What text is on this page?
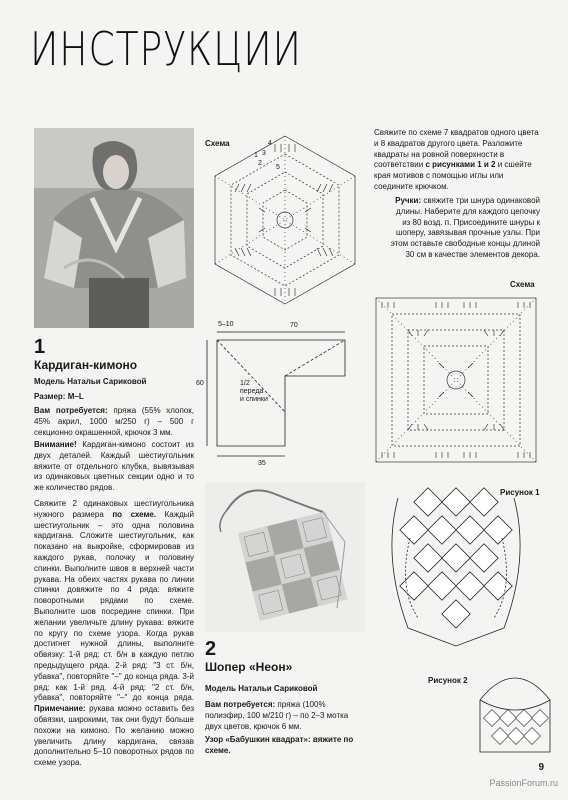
ИНСТРУКЦИИ
1
Кардиган-кимоно
Модель Натальи Сариковой
Размер: M–L
Вам потребуется: пряжа (55% хлопок, 45% акрил, 1000 м/250 г) – 500 г секционно окрашенной, крючок 3 мм.
Внимание! Кардиган-кимоно состоит из двух деталей. Каждый шестиугольник вяжите от отдельного клубка, вывязывая из одинаковых цветных секции одно и то же количество рядов.
Свяжите 2 одинаковых шестиугольника нужного размера по схеме. Каждый шестиугольник – это одна половина кардигана. Сложите шестиугольник, как показано на выкройке, сформировав из каждого рукав, полочку и половину спинки. Выполните швов в верхней части рукава. На обеих частях рукава по линии спинки довяжите по 4 ряда: вяжите поворотными рядами по схеме. Выполните шов посредине спинки. При желании увеличьте длину рукава: вяжите по кругу по схеме узора. Когда рукав достигнет нужной длины, выполните обвязку: 1-й ряд: ст. б/н в каждую петлю предыдущего ряда. 2-й ряд: "3 ст. б/н, убавка", повторяйте "–" до конца ряда. 3-й ряд: как 1-й ряд. 4-й ряд: "2 ст. б/н, убавка", повторяйте "–" до конца ряда. Примечание: рукава можно оставить без обвязки, широкими, так они будут больше похожи на кимоно. По желанию можно увеличить длину кардигана, связав дополнительно 5–10 поворотных рядов по схеме узора.
Схема	4
3
2
1
5
5–10	70
60
35
1/2
переда
и спинки
2
Шопер «Неон»
Модель Натальи Сариковой
Вам потребуется: пряжа (100% полиэфир, 100 м/210 г) – по 2–3 мотка двух цветов, крючок 6 мм.
Узор «Бабушкин квадрат»: вяжите по схеме.
Свяжите по схеме 7 квадратов одного цвета и 8 квадратов другого цвета. Разложите квадраты на ровной поверхности в соответствии с рисунками 1 и 2 и сшейте края мотивов с помощью иглы или соедините крючком.
Ручки: свяжите три шнура одинаковой длины. Наберите для каждого цепочку из 80 возд. п. Присоедините шнуры к шоперу, завязывая прочные узлы. При этом оставьте свободные концы длиной 30 см в качестве элементов декора.
Схема
Рисунок 1
Рисунок 2
9
PassionForum.ru
